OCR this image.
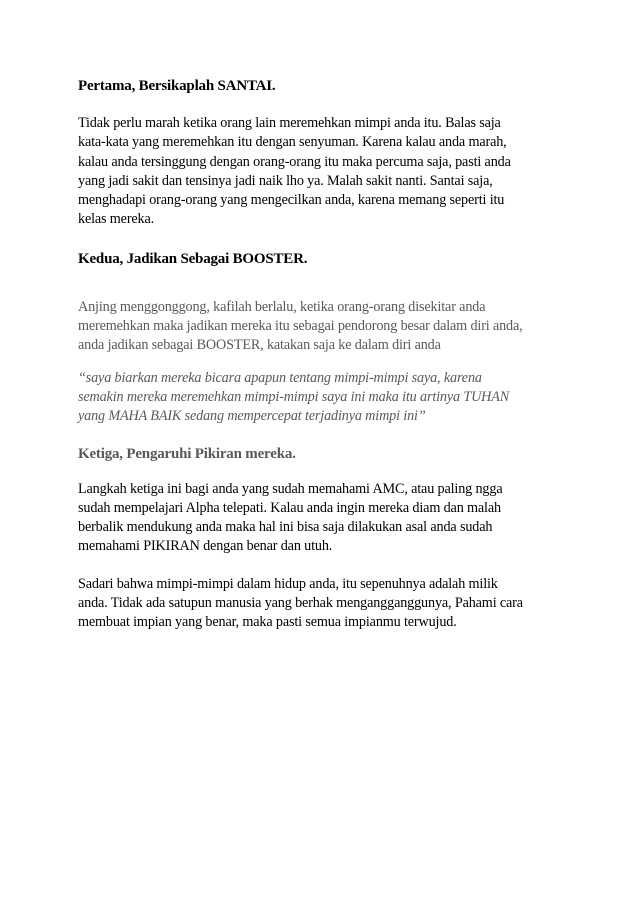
Pertama, Bersikaplah SANTAI.

Tidak perlu marah ketika orang lain meremehkan mimpi anda itu. Balas saja
kata-kata yang meremehkan itu dengan senyuman. Karena kalau anda marah,
kalau anda tersinggung dengan orang-orang itu maka percuma saja, pasti anda
yang jadi sakit dan tensinya jadi naik lho ya. Malah sakit nanti. Santai saja,
menghadapi orang-orang yang mengecilkan anda, karena memang seperti itu
kelas mereka.

Kedua, Jadikan Sebagai BOOSTER.

Anjing menggonggong, kafilah berlalu, ketika orang-orang disekitar anda
meremehkan maka jadikan mereka itu sebagai pendorong besar dalam diri anda,
anda jadikan sebagai BOOSTER, katakan saja ke dalam diri anda

“saya biarkan mereka bicara apapun tentang mimpi-mimpi saya, karena
semakin mereka meremehkan mimpi-mimpi saya ini maka itu artinya TUHAN
yang MAHA BAIK sedang mempercepat terjadinya mimpi ini”

Ketiga, Pengaruhi Pikiran mereka.

Langkah ketiga ini bagi anda yang sudah memahami AMC, atau paling ngga
sudah mempelajari Alpha telepati. Kalau anda ingin mereka diam dan malah
berbalik mendukung anda maka hal ini bisa saja dilakukan asal anda sudah
memahami PIKIRAN dengan benar dan utuh.

Sadari bahwa mimpi-mimpi dalam hidup anda, itu sepenuhnya adalah milik
anda. Tidak ada satupun manusia yang berhak mengangganggunya, Pahami cara
membuat impian yang benar, maka pasti semua impianmu terwujud.
